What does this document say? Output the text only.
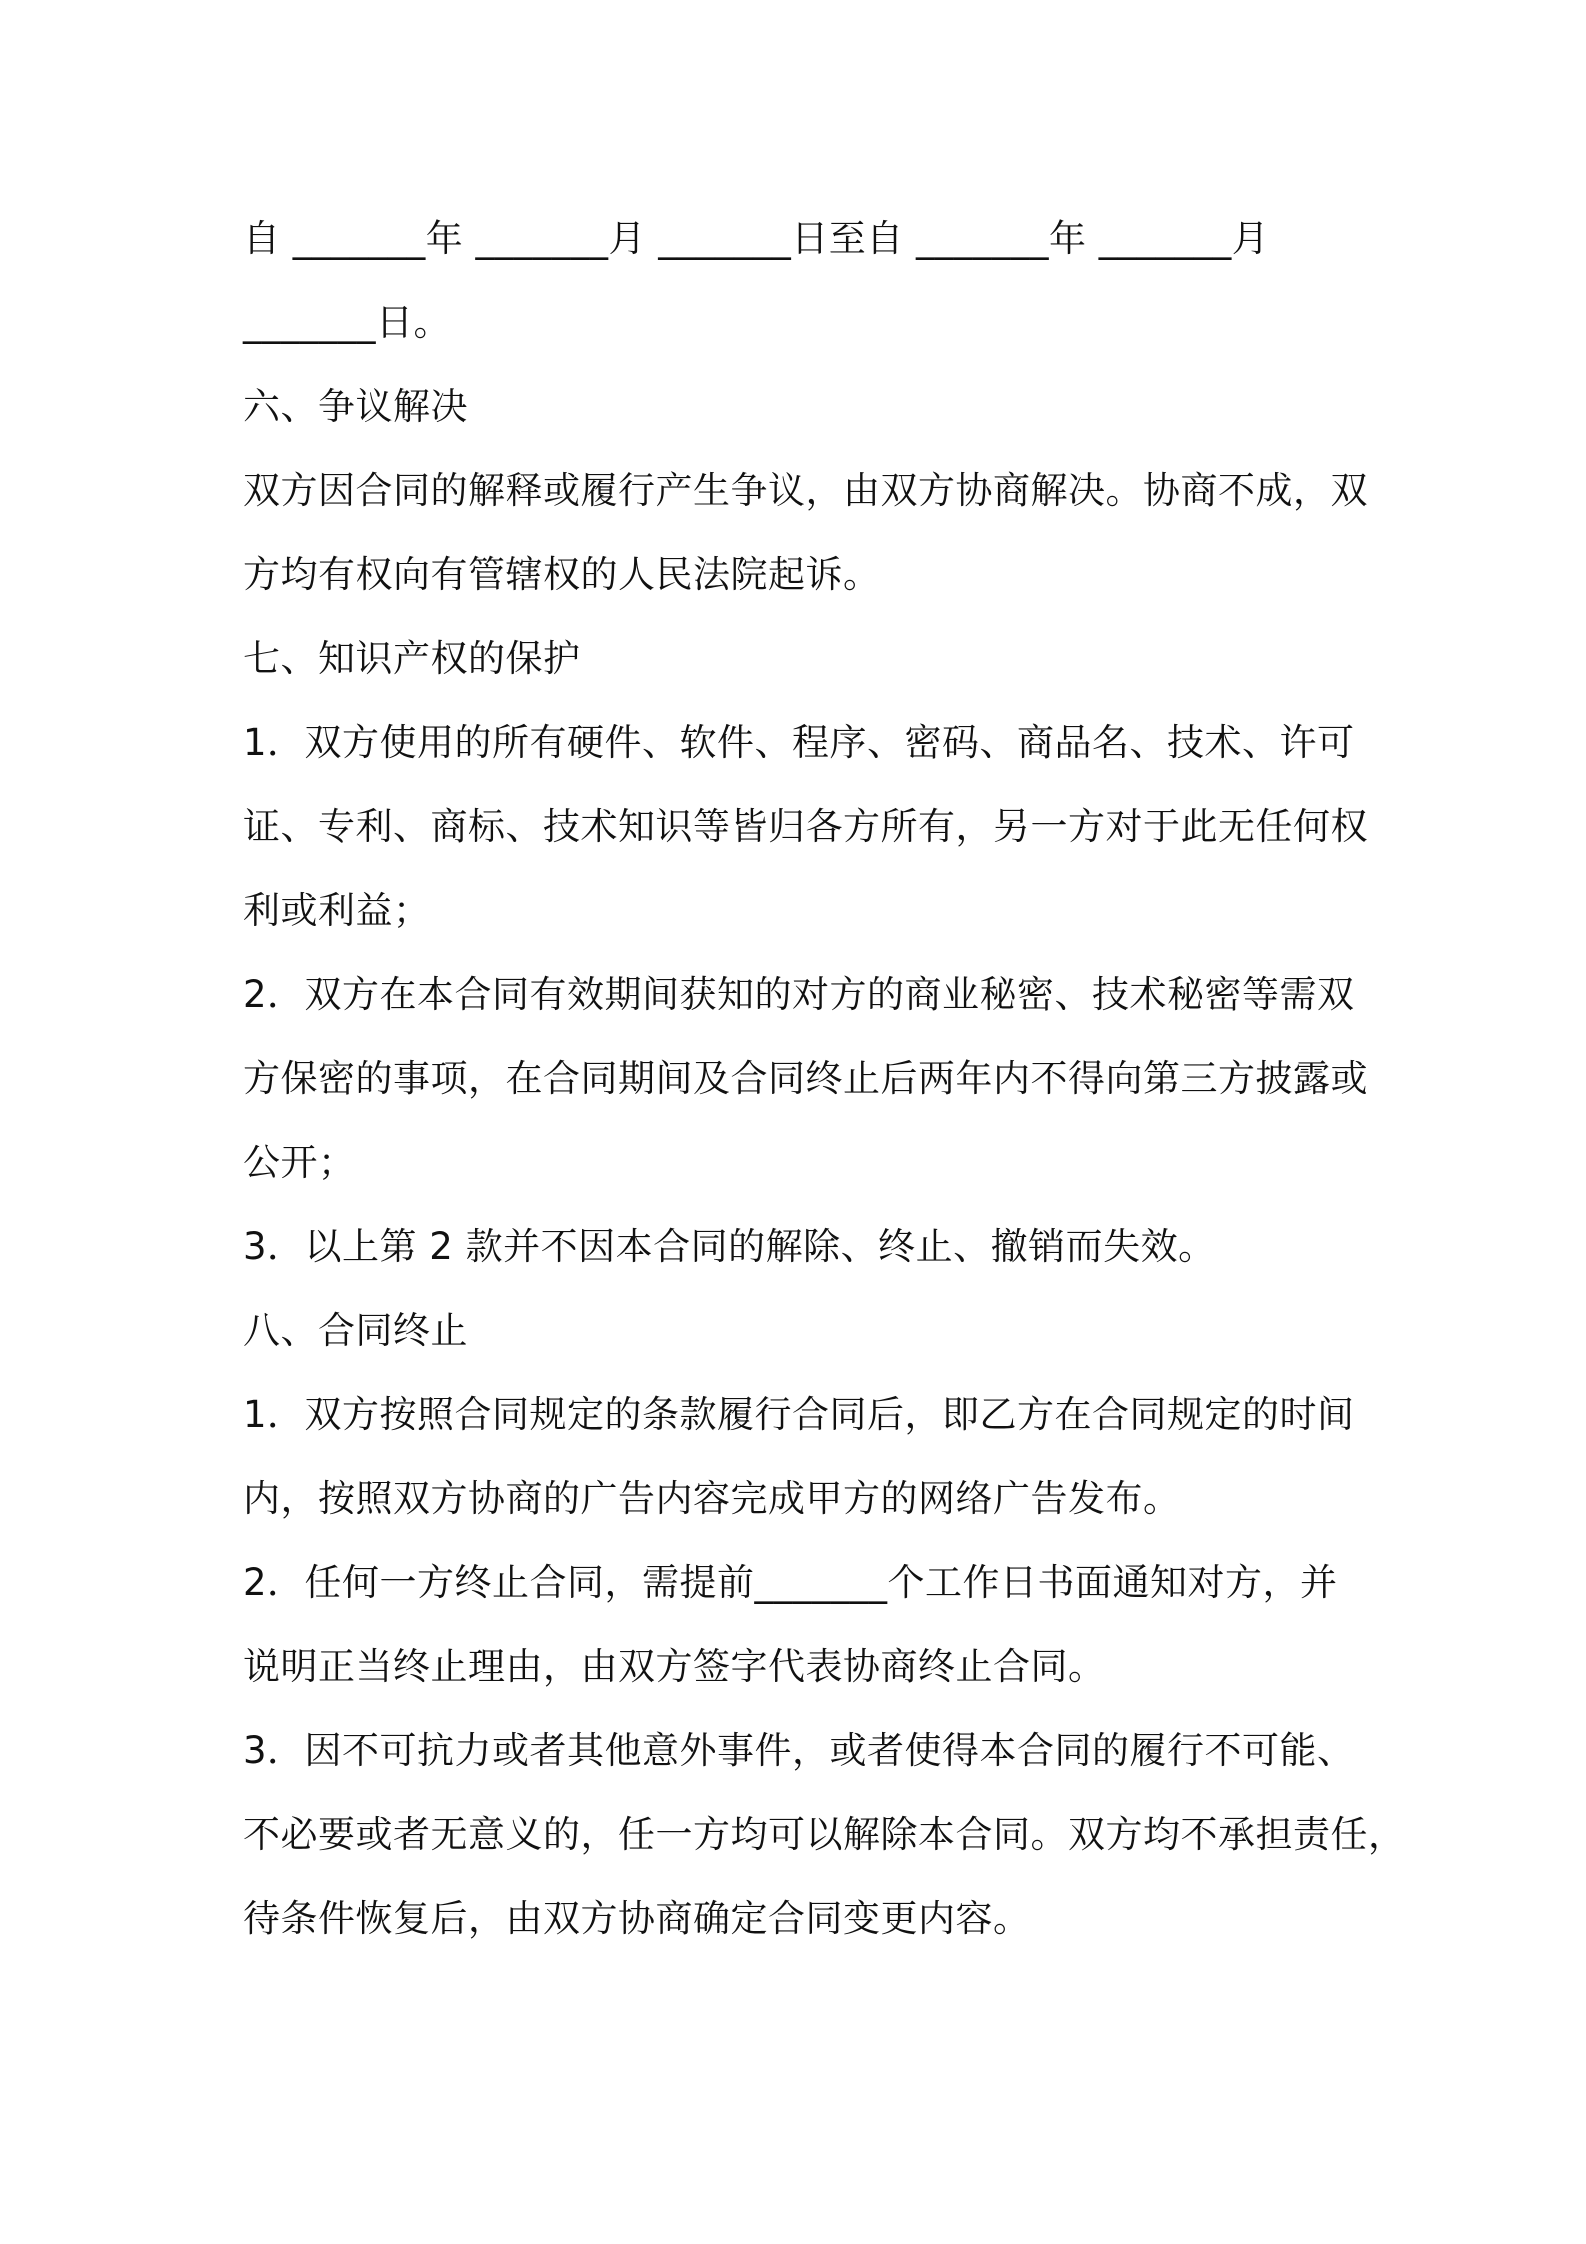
自 _______年 _______月 _______日至自 _______年 _______月
_______日。
六、争议解决
双方因合同的解释或履行产生争议，由双方协商解决。协商不成，双
方均有权向有管辖权的人民法院起诉。
七、知识产权的保护
1．双方使用的所有硬件、软件、程序、密码、商品名、技术、许可
证、专利、商标、技术知识等皆归各方所有，另一方对于此无任何权
利或利益；
2．双方在本合同有效期间获知的对方的商业秘密、技术秘密等需双
方保密的事项，在合同期间及合同终止后两年内不得向第三方披露或
公开；
3．以上第 2 款并不因本合同的解除、终止、撤销而失效。
八、合同终止
1．双方按照合同规定的条款履行合同后，即乙方在合同规定的时间
内，按照双方协商的广告内容完成甲方的网络广告发布。
2．任何一方终止合同，需提前_______个工作日书面通知对方，并
说明正当终止理由，由双方签字代表协商终止合同。
3．因不可抗力或者其他意外事件，或者使得本合同的履行不可能、
不必要或者无意义的，任一方均可以解除本合同。双方均不承担责任，
待条件恢复后，由双方协商确定合同变更内容。
